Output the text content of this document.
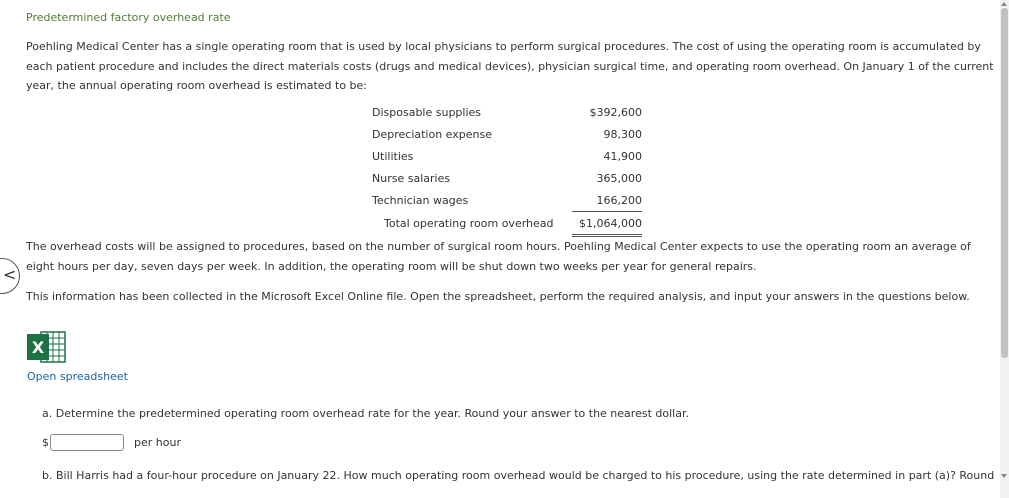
<
Predetermined factory overhead rate

Poehling Medical Center has a single operating room that is used by local physicians to perform surgical procedures. The cost of using the operating room is accumulated by each patient procedure and includes the direct materials costs (drugs and medical devices), physician surgical time, and operating room overhead. On January 1 of the current year, the annual operating room overhead is estimated to be:

Disposable supplies	$392,600
Depreciation expense	98,300
Utilities	41,900
Nurse salaries	365,000
Technician wages	166,200
Total operating room overhead	$1,064,000

The overhead costs will be assigned to procedures, based on the number of surgical room hours. Poehling Medical Center expects to use the operating room an average of eight hours per day, seven days per week. In addition, the operating room will be shut down two weeks per year for general repairs.

This information has been collected in the Microsoft Excel Online file. Open the spreadsheet, perform the required analysis, and input your answers in the questions below.

X
Open spreadsheet
a. Determine the predetermined operating room overhead rate for the year. Round your answer to the nearest dollar.
$	per hour
b. Bill Harris had a four-hour procedure on January 22. How much operating room overhead would be charged to his procedure, using the rate determined in part (a)? Round
